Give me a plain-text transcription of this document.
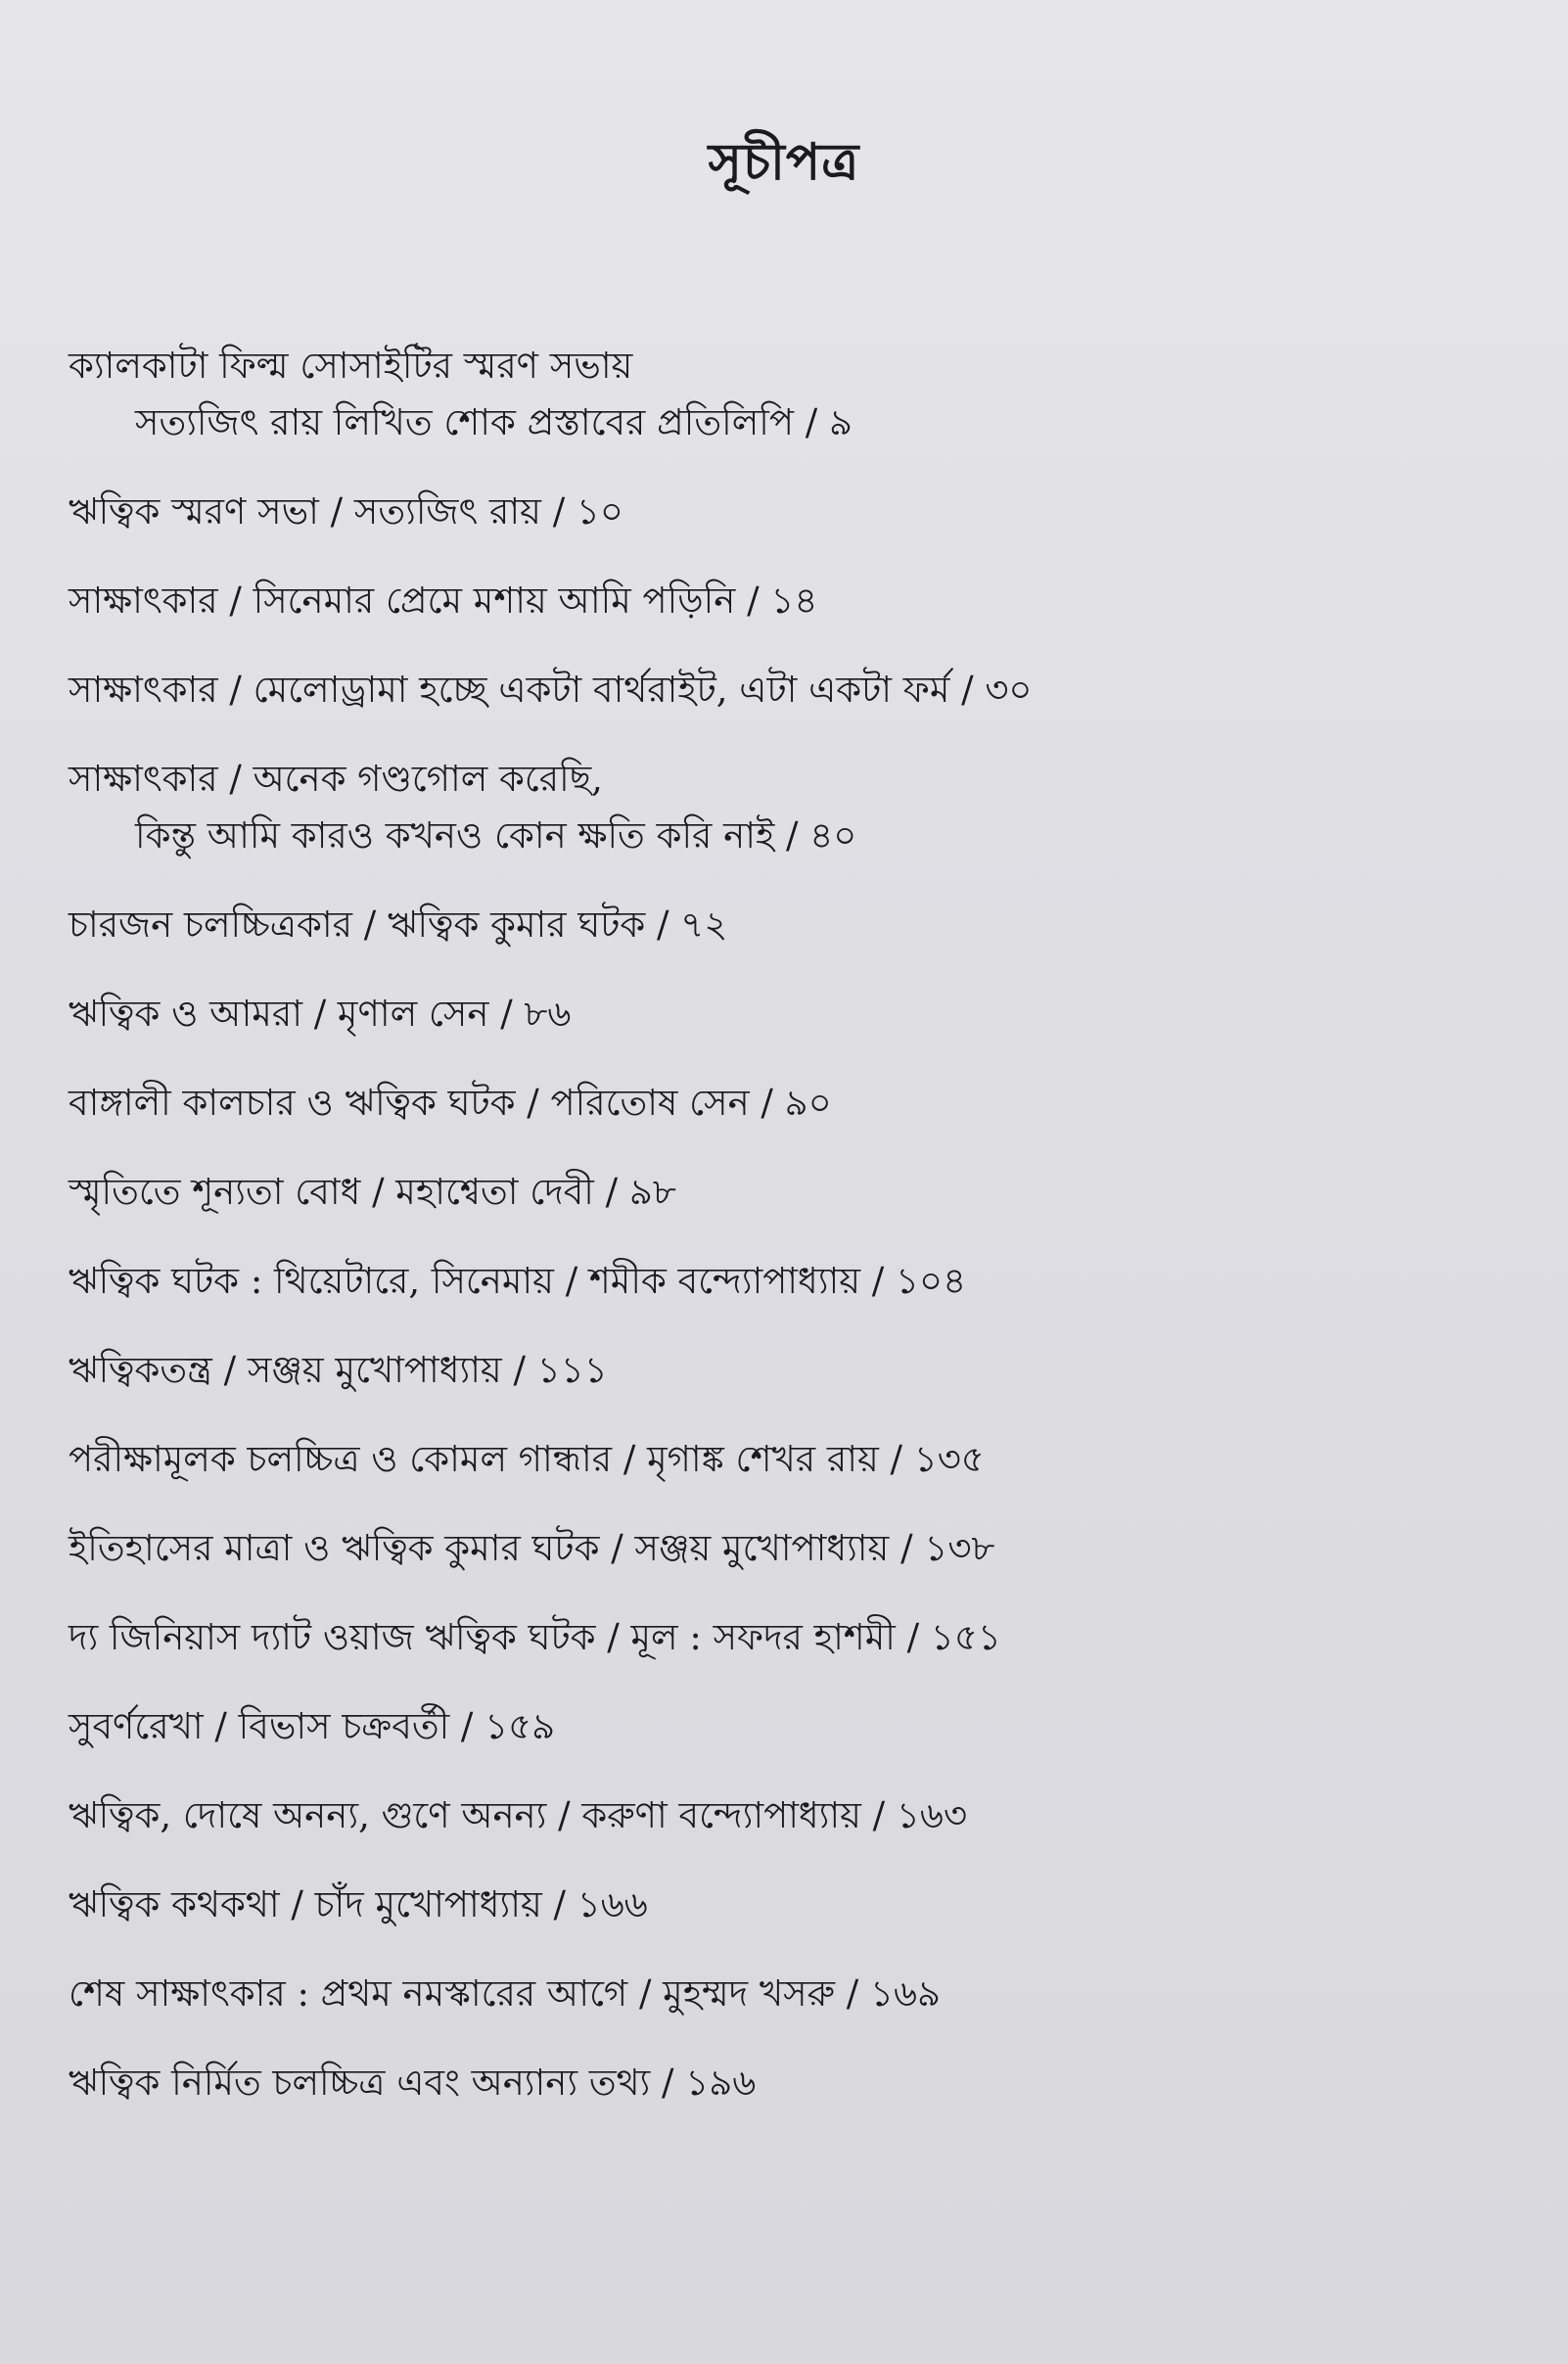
সূচীপত্র
ক্যালকাটা ফিল্ম সোসাইটির স্মরণ সভায়
সত্যজিৎ রায় লিখিত শোক প্রস্তাবের প্রতিলিপি / ৯
ঋত্বিক স্মরণ সভা / সত্যজিৎ রায় / ১০
সাক্ষাৎকার / সিনেমার প্রেমে মশায় আমি পড়িনি / ১৪
সাক্ষাৎকার / মেলোড্রামা হচ্ছে একটা বার্থরাইট, এটা একটা ফর্ম / ৩০
সাক্ষাৎকার / অনেক গণ্ডগোল করেছি,
কিন্তু আমি কারও কখনও কোন ক্ষতি করি নাই / ৪০
চারজন চলচ্চিত্রকার / ঋত্বিক কুমার ঘটক / ৭২
ঋত্বিক ও আমরা / মৃণাল সেন / ৮৬
বাঙ্গালী কালচার ও ঋত্বিক ঘটক / পরিতোষ সেন / ৯০
স্মৃতিতে শূন্যতা বোধ / মহাশ্বেতা দেবী / ৯৮
ঋত্বিক ঘটক : থিয়েটারে, সিনেমায় / শমীক বন্দ্যোপাধ্যায় / ১০৪
ঋত্বিকতন্ত্র / সঞ্জয় মুখোপাধ্যায় / ১১১
পরীক্ষামূলক চলচ্চিত্র ও কোমল গান্ধার / মৃগাঙ্ক শেখর রায় / ১৩৫
ইতিহাসের মাত্রা ও ঋত্বিক কুমার ঘটক / সঞ্জয় মুখোপাধ্যায় / ১৩৮
দ্য জিনিয়াস দ্যাট ওয়াজ ঋত্বিক ঘটক / মূল : সফদর হাশমী / ১৫১
সুবর্ণরেখা / বিভাস চক্রবর্তী / ১৫৯
ঋত্বিক, দোষে অনন্য, গুণে অনন্য / করুণা বন্দ্যোপাধ্যায় / ১৬৩
ঋত্বিক কথকথা / চাঁদ মুখোপাধ্যায় / ১৬৬
শেষ সাক্ষাৎকার : প্রথম নমস্কারের আগে / মুহম্মদ খসরু / ১৬৯
ঋত্বিক নির্মিত চলচ্চিত্র এবং অন্যান্য তথ্য / ১৯৬
